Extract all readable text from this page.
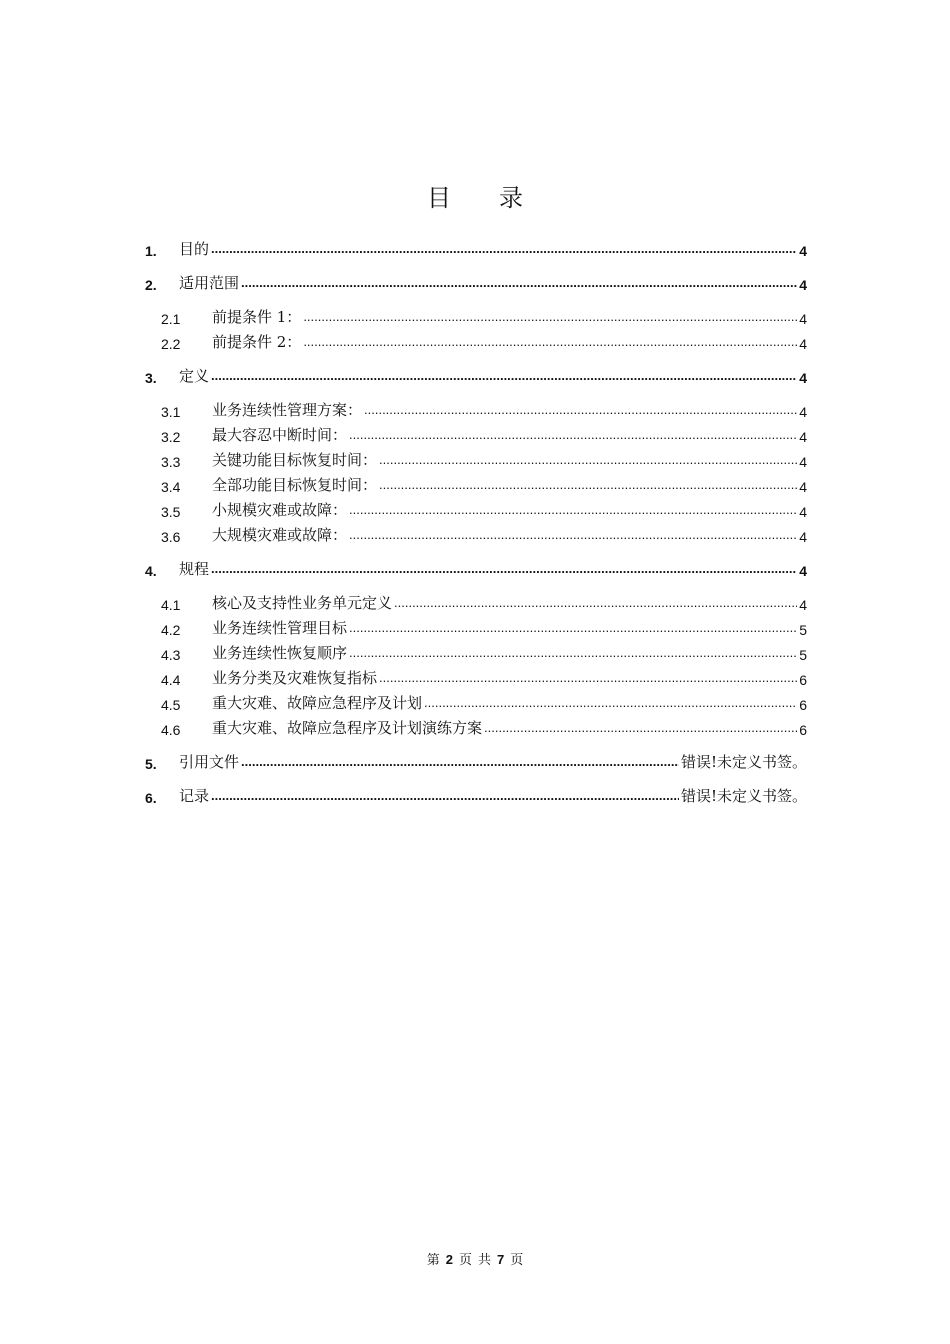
目 录
1.	目的 .....	4
2.	适用范围 .....	4
2.1	前提条件 1： .....	4
2.2	前提条件 2： .....	4
3.	定义 .....	4
3.1	业务连续性管理方案： .....	4
3.2	最大容忍中断时间： .....	4
3.3	关键功能目标恢复时间： .....	4
3.4	全部功能目标恢复时间： .....	4
3.5	小规模灾难或故障： .....	4
3.6	大规模灾难或故障： .....	4
4.	规程 .....	4
4.1	核心及支持性业务单元定义 .....	4
4.2	业务连续性管理目标 .....	5
4.3	业务连续性恢复顺序 .....	5
4.4	业务分类及灾难恢复指标 .....	6
4.5	重大灾难、故障应急程序及计划 .....	6
4.6	重大灾难、故障应急程序及计划演练方案 .....	6
5.	引用文件 .....	错误!未定义书签。
6.	记录 .....	错误!未定义书签。
第 2 页 共 7 页
